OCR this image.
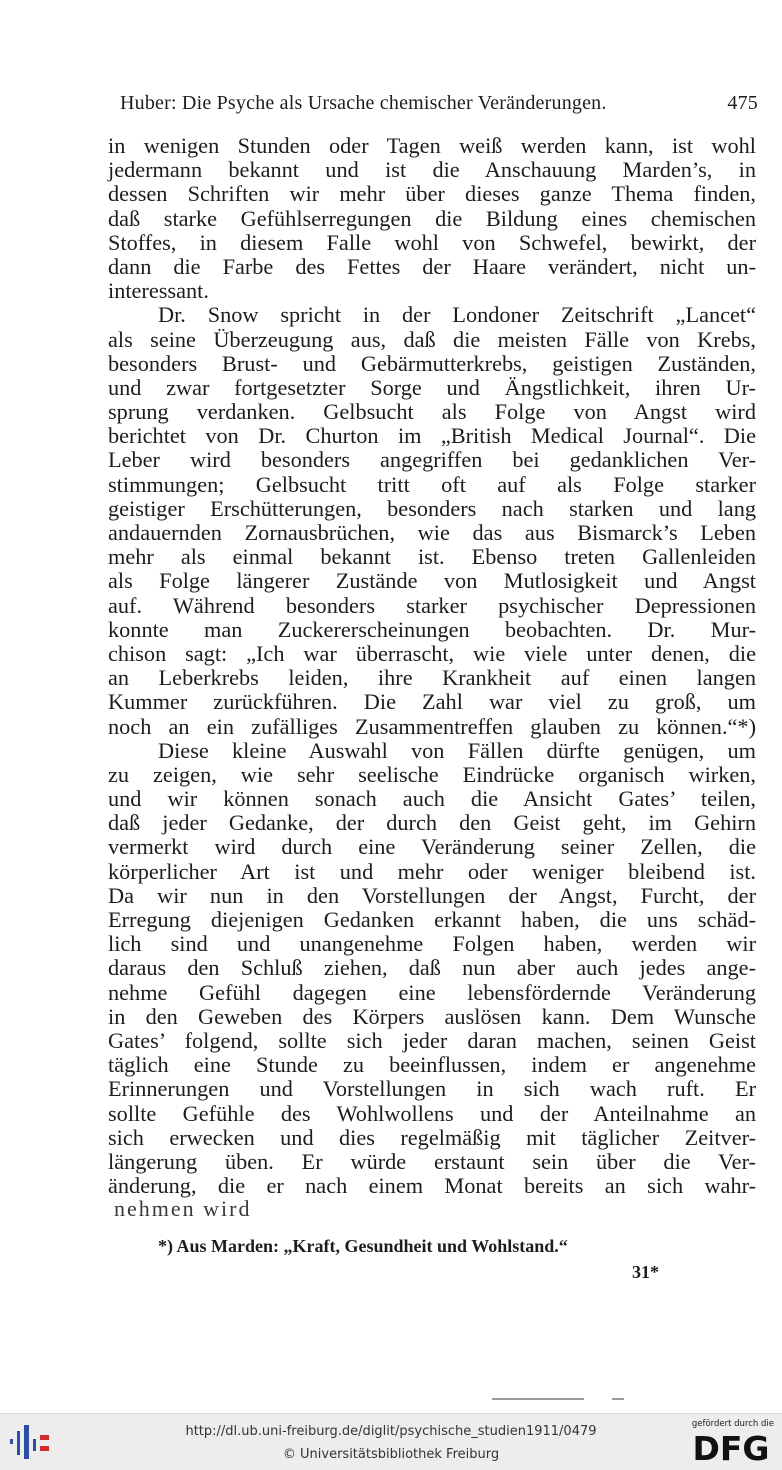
Huber: Die Psyche als Ursache chemischer Veränderungen.	475
in wenigen Stunden oder Tagen weiß werden kann, ist wohl
jedermann bekannt und ist die Anschauung Marden’s, in
dessen Schriften wir mehr über dieses ganze Thema finden,
daß starke Gefühlserregungen die Bildung eines chemischen
Stoffes, in diesem Falle wohl von Schwefel, bewirkt, der
dann die Farbe des Fettes der Haare verändert, nicht un-
interessant.
Dr. Snow spricht in der Londoner Zeitschrift „Lancet“
als seine Überzeugung aus, daß die meisten Fälle von Krebs,
besonders Brust- und Gebärmutterkrebs, geistigen Zuständen,
und zwar fortgesetzter Sorge und Ängstlichkeit, ihren Ur-
sprung verdanken. Gelbsucht als Folge von Angst wird
berichtet von Dr. Churton im „British Medical Journal“. Die
Leber wird besonders angegriffen bei gedanklichen Ver-
stimmungen; Gelbsucht tritt oft auf als Folge starker
geistiger Erschütterungen, besonders nach starken und lang
andauernden Zornausbrüchen, wie das aus Bismarck’s Leben
mehr als einmal bekannt ist. Ebenso treten Gallenleiden
als Folge längerer Zustände von Mutlosigkeit und Angst
auf. Während besonders starker psychischer Depressionen
konnte man Zuckererscheinungen beobachten. Dr. Mur-
chison sagt: „Ich war überrascht, wie viele unter denen, die
an Leberkrebs leiden, ihre Krankheit auf einen langen
Kummer zurückführen. Die Zahl war viel zu groß, um
noch an ein zufälliges Zusammentreffen glauben zu können.“*)
Diese kleine Auswahl von Fällen dürfte genügen, um
zu zeigen, wie sehr seelische Eindrücke organisch wirken,
und wir können sonach auch die Ansicht Gates’ teilen,
daß jeder Gedanke, der durch den Geist geht, im Gehirn
vermerkt wird durch eine Veränderung seiner Zellen, die
körperlicher Art ist und mehr oder weniger bleibend ist.
Da wir nun in den Vorstellungen der Angst, Furcht, der
Erregung diejenigen Gedanken erkannt haben, die uns schäd-
lich sind und unangenehme Folgen haben, werden wir
daraus den Schluß ziehen, daß nun aber auch jedes ange-
nehme Gefühl dagegen eine lebensfördernde Veränderung
in den Geweben des Körpers auslösen kann. Dem Wunsche
Gates’ folgend, sollte sich jeder daran machen, seinen Geist
täglich eine Stunde zu beeinflussen, indem er angenehme
Erinnerungen und Vorstellungen in sich wach ruft. Er
sollte Gefühle des Wohlwollens und der Anteilnahme an
sich erwecken und dies regelmäßig mit täglicher Zeitver-
längerung üben. Er würde erstaunt sein über die Ver-
änderung, die er nach einem Monat bereits an sich wahr-
nehmen wird
*) Aus Marden: „Kraft, Gesundheit und Wohlstand.“
31*
http://dl.ub.uni-freiburg.de/diglit/psychische_studien1911/0479
© Universitätsbibliothek Freiburg
gefördert durch die
DFG
